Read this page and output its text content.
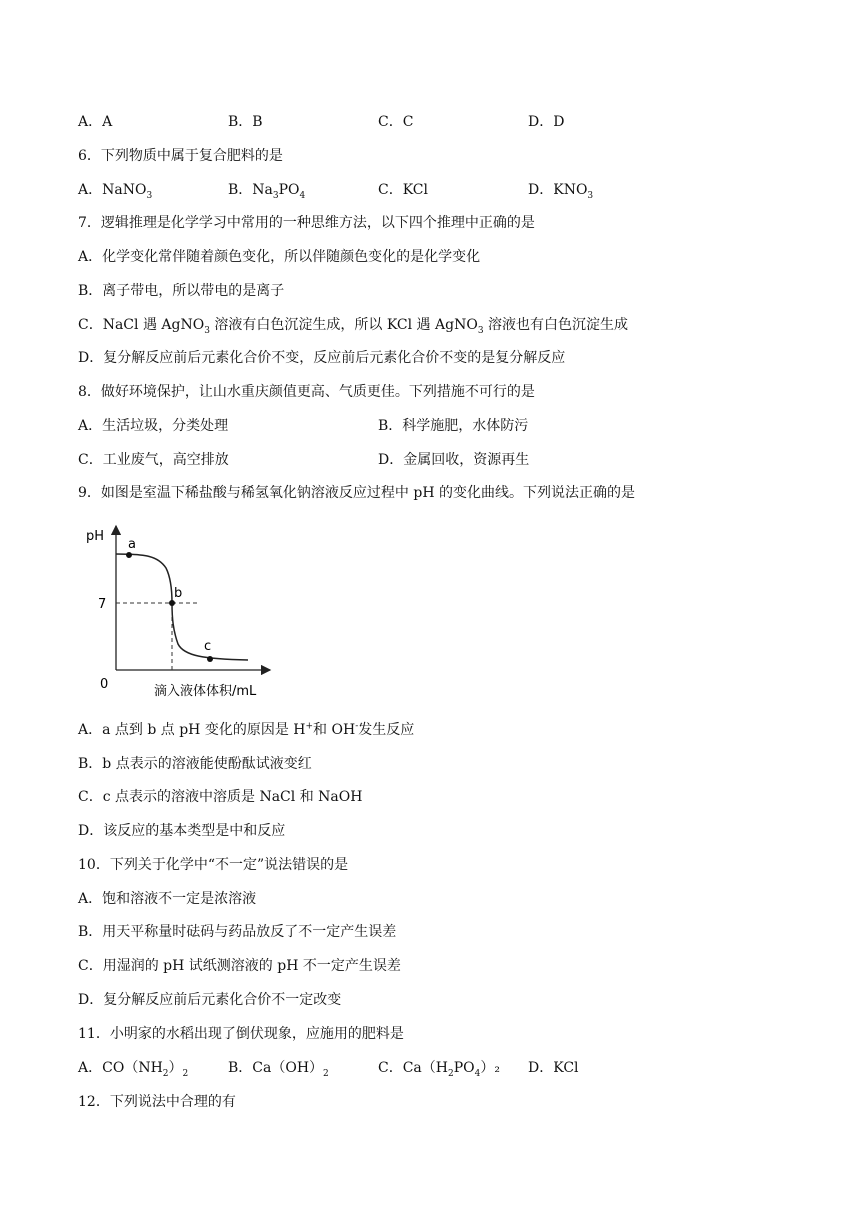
A．A	B．B	C．C	D．D
6．下列物质中属于复合肥料的是
A．NaNO$_3$	B．$Na_3PO_4$	C．KCl	D．$KNO_3$
7．逻辑推理是化学学习中常用的一种思维方法，以下四个推理中正确的是
A．化学变化常伴随着颜色变化，所以伴随颜色变化的是化学变化
B．离子带电，所以带电的是离子
C．NaCl 遇 AgNO$_3$ 溶液有白色沉淀生成，所以 KCl 遇 AgNO$_3$ 溶液也有白色沉淀生成
D．复分解反应前后元素化合价不变，反应前后元素化合价不变的是复分解反应
8．做好环境保护，让山水重庆颜值更高、气质更佳。下列措施不可行的是
A．生活垃圾，分类处理	B．科学施肥，水体防污
C．工业废气，高空排放	D．金属回收，资源再生
9．如图是室温下稀盐酸与稀氢氧化钠溶液反应过程中 pH 的变化曲线。下列说法正确的是
pH
7
0
a
b
c
滴入液体体积/mL
A．a 点到 b 点 pH 变化的原因是 H+和 OH-发生反应
B．b 点表示的溶液能使酚酞试液变红
C．c 点表示的溶液中溶质是 NaCl 和 NaOH
D．该反应的基本类型是中和反应
10．下列关于化学中“不一定”说法错误的是
A．饱和溶液不一定是浓溶液
B．用天平称量时砝码与药品放反了不一定产生误差
C．用湿润的 pH 试纸测溶液的 pH 不一定产生误差
D．复分解反应前后元素化合价不一定改变
11．小明家的水稻出现了倒伏现象，应施用的肥料是
A．$CO(NH_2)_2$	B．$Ca(OH)_2$	C．$Ca(H_2PO_4)_2$ D．KCl
12．下列说法中合理的有
